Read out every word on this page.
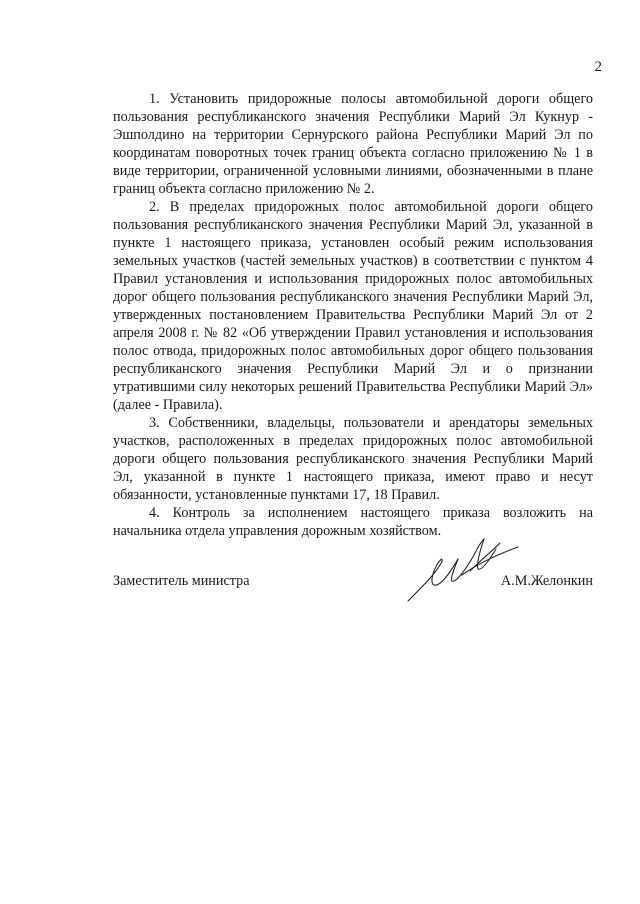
2

1. Установить придорожные полосы автомобильной дороги общего пользования республиканского значения Республики Марий Эл Кукнур - Эшполдино на территории Сернурского района Республики Марий Эл по координатам поворотных точек границ объекта согласно приложению № 1 в виде территории, ограниченной условными линиями, обозначенными в плане границ объекта согласно приложению № 2.

2. В пределах придорожных полос автомобильной дороги общего пользования республиканского значения Республики Марий Эл, указанной в пункте 1 настоящего приказа, установлен особый режим использования земельных участков (частей земельных участков) в соответствии с пунктом 4 Правил установления и использования придорожных полос автомобильных дорог общего пользования республиканского значения Республики Марий Эл, утвержденных постановлением Правительства Республики Марий Эл от 2 апреля 2008 г. № 82 «Об утверждении Правил установления и использования полос отвода, придорожных полос автомобильных дорог общего пользования республиканского значения Республики Марий Эл и о признании утратившими силу некоторых решений Правительства Республики Марий Эл» (далее - Правила).

3. Собственники, владельцы, пользователи и арендаторы земельных участков, расположенных в пределах придорожных полос автомобильной дороги общего пользования республиканского значения Республики Марий Эл, указанной в пункте 1 настоящего приказа, имеют право и несут обязанности, установленные пунктами 17, 18 Правил.

4. Контроль за исполнением настоящего приказа возложить на начальника отдела управления дорожным хозяйством.

Заместитель министра	А.М.Желонкин
